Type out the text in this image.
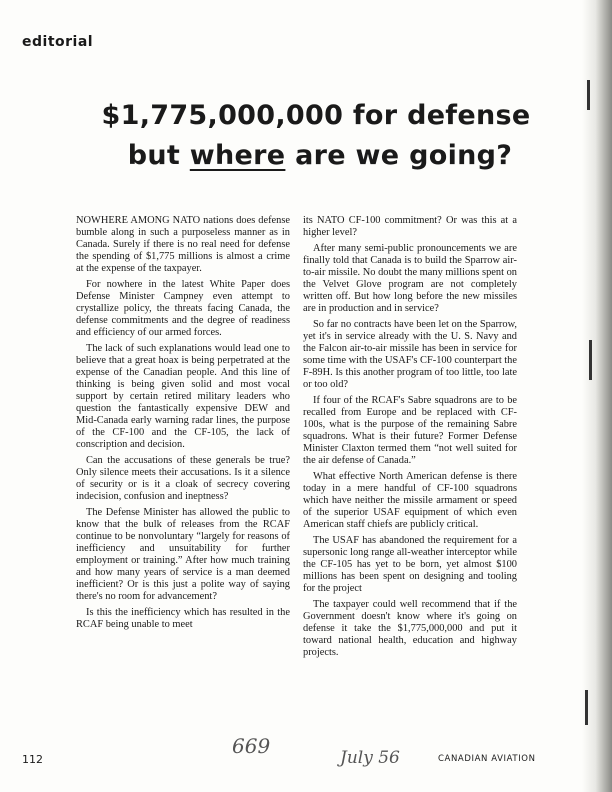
editorial
$1,775,000,000 for defense
but where are we going?

NOWHERE AMONG NATO nations does defense bumble along in such a purposeless manner as in Canada. Surely if there is no real need for defense the spending of $1,775 millions is almost a crime at the expense of the taxpayer.

For nowhere in the latest White Paper does Defense Minister Campney even attempt to crystallize policy, the threats facing Canada, the defense commitments and the degree of readiness and efficiency of our armed forces.

The lack of such explanations would lead one to believe that a great hoax is being perpetrated at the expense of the Canadian people. And this line of thinking is being given solid and most vocal support by certain retired military leaders who question the fantastically expensive DEW and Mid-Canada early warning radar lines, the purpose of the CF-100 and the CF-105, the lack of conscription and decision.

Can the accusations of these generals be true? Only silence meets their accusations. Is it a silence of security or is it a cloak of secrecy covering indecision, confusion and ineptness?

The Defense Minister has allowed the public to know that the bulk of releases from the RCAF continue to be nonvoluntary “largely for reasons of inefficiency and unsuitability for further employment or training.” After how much training and how many years of service is a man deemed inefficient? Or is this just a polite way of saying there's no room for advancement?

Is this the inefficiency which has resulted in the RCAF being unable to meet

its NATO CF-100 commitment? Or was this at a higher level?

After many semi-public pronouncements we are finally told that Canada is to build the Sparrow air-to-air missile. No doubt the many millions spent on the Velvet Glove program are not completely written off. But how long before the new missiles are in production and in service?

So far no contracts have been let on the Sparrow, yet it's in service already with the U. S. Navy and the Falcon air-to-air missile has been in service for some time with the USAF's CF-100 counterpart the F-89H. Is this another program of too little, too late or too old?

If four of the RCAF's Sabre squadrons are to be recalled from Europe and be replaced with CF-100s, what is the purpose of the remaining Sabre squadrons. What is their future? Former Defense Minister Claxton termed them “not well suited for the air defense of Canada.”

What effective North American defense is there today in a mere handful of CF-100 squadrons which have neither the missile armament or speed of the superior USAF equipment of which even American staff chiefs are publicly critical.

The USAF has abandoned the requirement for a supersonic long range all-weather interceptor while the CF-105 has yet to be born, yet almost $100 millions has been spent on designing and tooling for the project

The taxpayer could well recommend that if the Government doesn't know where it's going on defense it take the $1,775,000,000 and put it toward national health, education and highway projects.

112
669	July 56	CANADIAN AVIATION
